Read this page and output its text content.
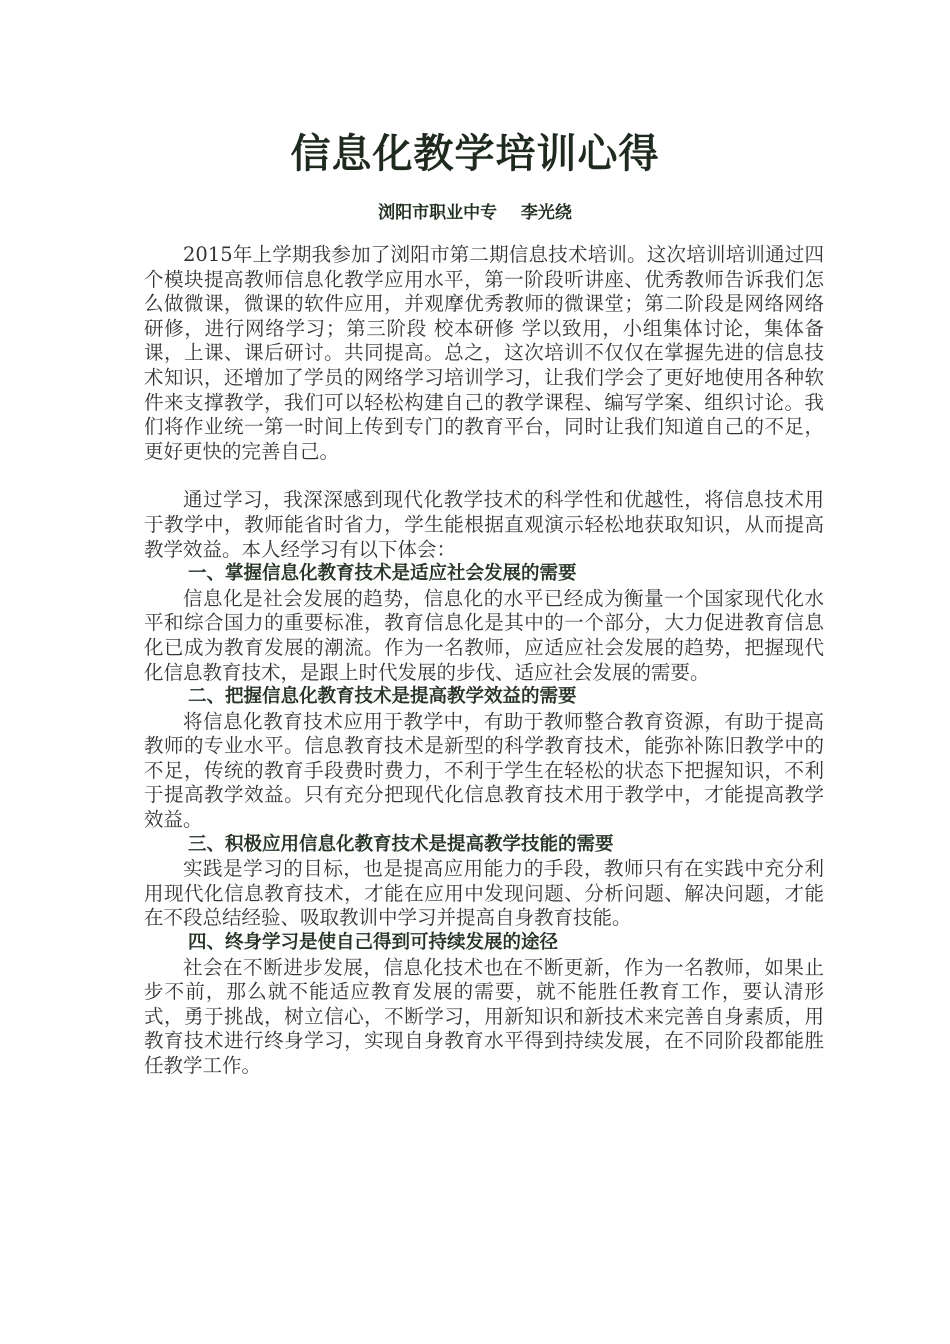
信息化教学培训心得
浏阳市职业中专    李光绕

2015年上学期我参加了浏阳市第二期信息技术培训。这次培训培训通过四个模块提高教师信息化教学应用水平，第一阶段听讲座、优秀教师告诉我们怎么做微课，微课的软件应用，并观摩优秀教师的微课堂；第二阶段是网络网络研修，进行网络学习；第三阶段 校本研修 学以致用，小组集体讨论，集体备课，上课、课后研讨。共同提高。总之，这次培训不仅仅在掌握先进的信息技术知识，还增加了学员的网络学习培训学习，让我们学会了更好地使用各种软件来支撑教学，我们可以轻松构建自己的教学课程、编写学案、组织讨论。我们将作业统一第一时间上传到专门的教育平台，同时让我们知道自己的不足，更好更快的完善自己。

通过学习，我深深感到现代化教学技术的科学性和优越性，将信息技术用于教学中，教师能省时省力，学生能根据直观演示轻松地获取知识，从而提高教学效益。本人经学习有以下体会：

一、掌握信息化教育技术是适应社会发展的需要

信息化是社会发展的趋势，信息化的水平已经成为衡量一个国家现代化水平和综合国力的重要标准，教育信息化是其中的一个部分，大力促进教育信息化已成为教育发展的潮流。作为一名教师，应适应社会发展的趋势，把握现代化信息教育技术，是跟上时代发展的步伐、适应社会发展的需要。

二、把握信息化教育技术是提高教学效益的需要

将信息化教育技术应用于教学中，有助于教师整合教育资源，有助于提高教师的专业水平。信息教育技术是新型的科学教育技术，能弥补陈旧教学中的不足，传统的教育手段费时费力，不利于学生在轻松的状态下把握知识，不利于提高教学效益。只有充分把现代化信息教育技术用于教学中，才能提高教学效益。

三、积极应用信息化教育技术是提高教学技能的需要

实践是学习的目标，也是提高应用能力的手段，教师只有在实践中充分利用现代化信息教育技术，才能在应用中发现问题、分析问题、解决问题，才能在不段总结经验、吸取教训中学习并提高自身教育技能。

四、终身学习是使自己得到可持续发展的途径

社会在不断进步发展，信息化技术也在不断更新，作为一名教师，如果止步不前，那么就不能适应教育发展的需要，就不能胜任教育工作，要认清形式，勇于挑战，树立信心，不断学习，用新知识和新技术来完善自身素质，用教育技术进行终身学习，实现自身教育水平得到持续发展，在不同阶段都能胜任教学工作。
